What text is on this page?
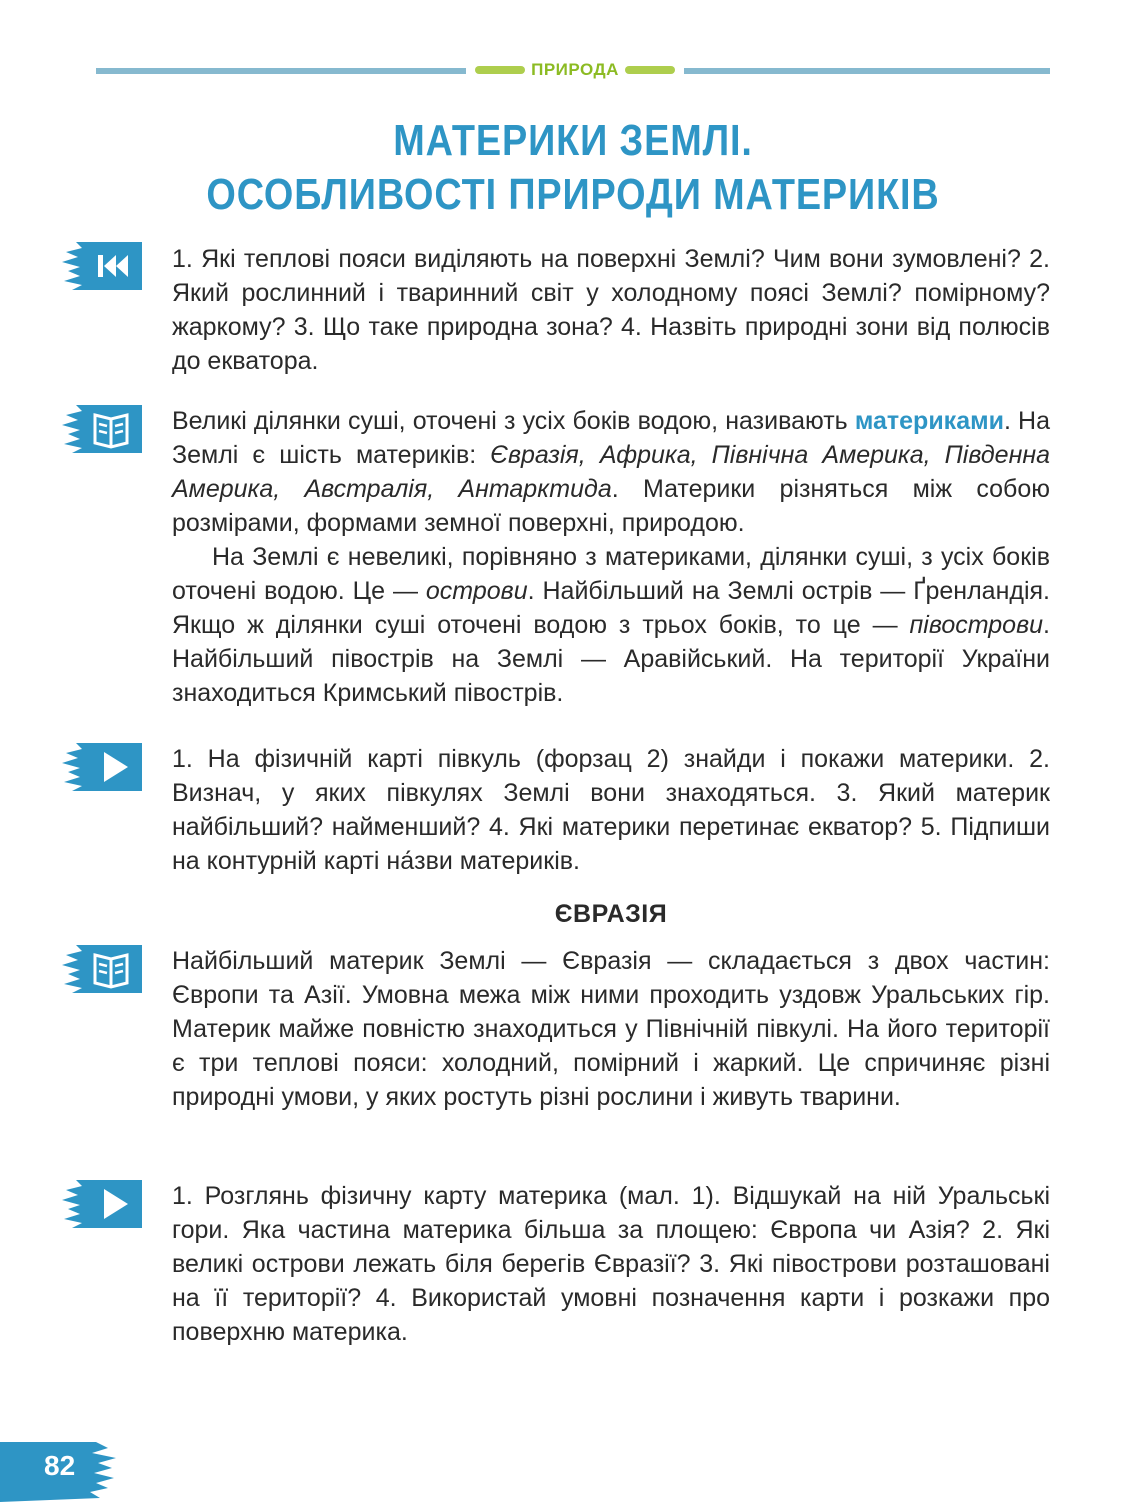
ПРИРОДА
МАТЕРИКИ ЗЕМЛІ.
ОСОБЛИВОСТІ ПРИРОДИ МАТЕРИКІВ

1. Які теплові пояси виділяють на поверхні Землі? Чим вони зумовлені? 2. Який рослинний і тваринний світ у холодному поясі Землі? помірному? жаркому? 3. Що таке природна зона? 4. Назвіть природні зони від полюсів до екватора.

Великі ділянки суші, оточені з усіх боків водою, називають материками. На Землі є шість материків: Євразія, Африка, Північна Америка, Південна Америка, Австралія, Антарктида. Материки різняться між собою розмірами, формами земної поверхні, природою.

На Землі є невеликі, порівняно з материками, ділянки суші, з усіх боків оточені водою. Це — острови. Найбільший на Землі острів — Ґренландія. Якщо ж ділянки суші оточені водою з трьох боків, то це — півострови. Найбільший півострів на Землі — Аравійський. На території України знаходиться Кримський півострів.

1. На фізичній карті півкуль (форзац 2) знайди і покажи материки. 2. Визнач, у яких півкулях Землі вони знаходяться. 3. Який материк найбільший? найменший? 4. Які материки перетинає екватор? 5. Підпиши на контурній карті на́зви материків.

ЄВРАЗІЯ

Найбільший материк Землі — Євразія — складається з двох частин: Європи та Азії. Умовна межа між ними проходить уздовж Уральських гір. Материк майже повністю знаходиться у Північній півкулі. На його території є три теплові пояси: холодний, помірний і жаркий. Це спричиняє різні природні умови, у яких ростуть різні рослини і живуть тварини.

1. Розглянь фізичну карту материка (мал. 1). Відшукай на ній Уральські гори. Яка частина материка більша за площею: Європа чи Азія? 2. Які великі острови лежать біля берегів Євразії? 3. Які півострови розташовані на її території? 4. Використай умовні позначення карти і розкажи про поверхню материка.

82
